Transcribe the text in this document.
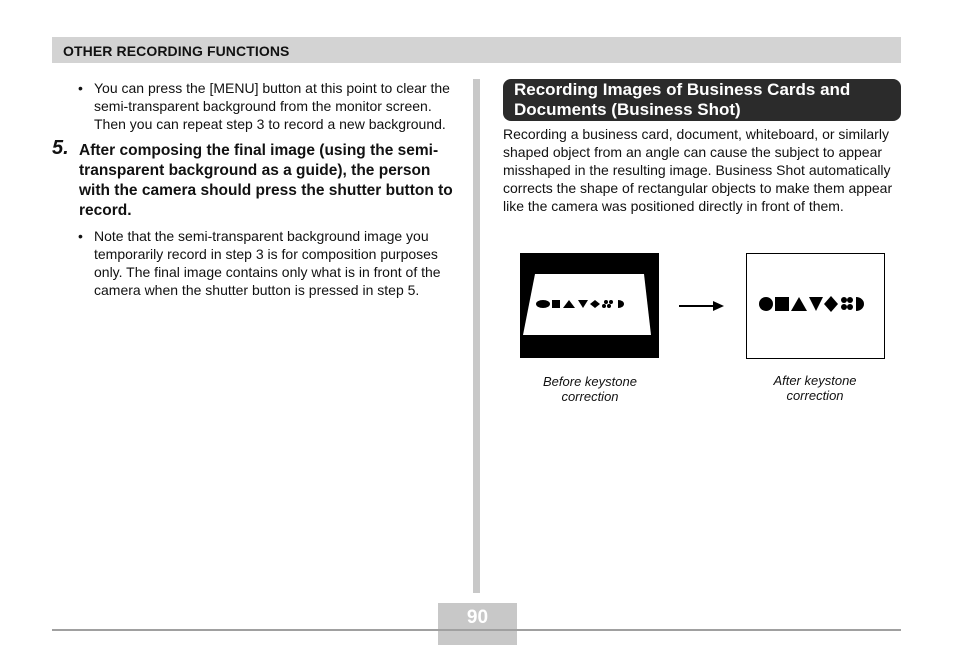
OTHER RECORDING FUNCTIONS
• You can press the [MENU] button at this point to clear the semi-transparent background from the monitor screen. Then you can repeat step 3 to record a new background.
5. After composing the final image (using the semi-transparent background as a guide), the person with the camera should press the shutter button to record.
• Note that the semi-transparent background image you temporarily record in step 3 is for composition purposes only. The final image contains only what is in front of the camera when the shutter button is pressed in step 5.
Recording Images of Business Cards and Documents (Business Shot)
Recording a business card, document, whiteboard, or similarly shaped object from an angle can cause the subject to appear misshaped in the resulting image. Business Shot automatically corrects the shape of rectangular objects to make them appear like the camera was positioned directly in front of them.
Before keystone correction
After keystone correction
90
